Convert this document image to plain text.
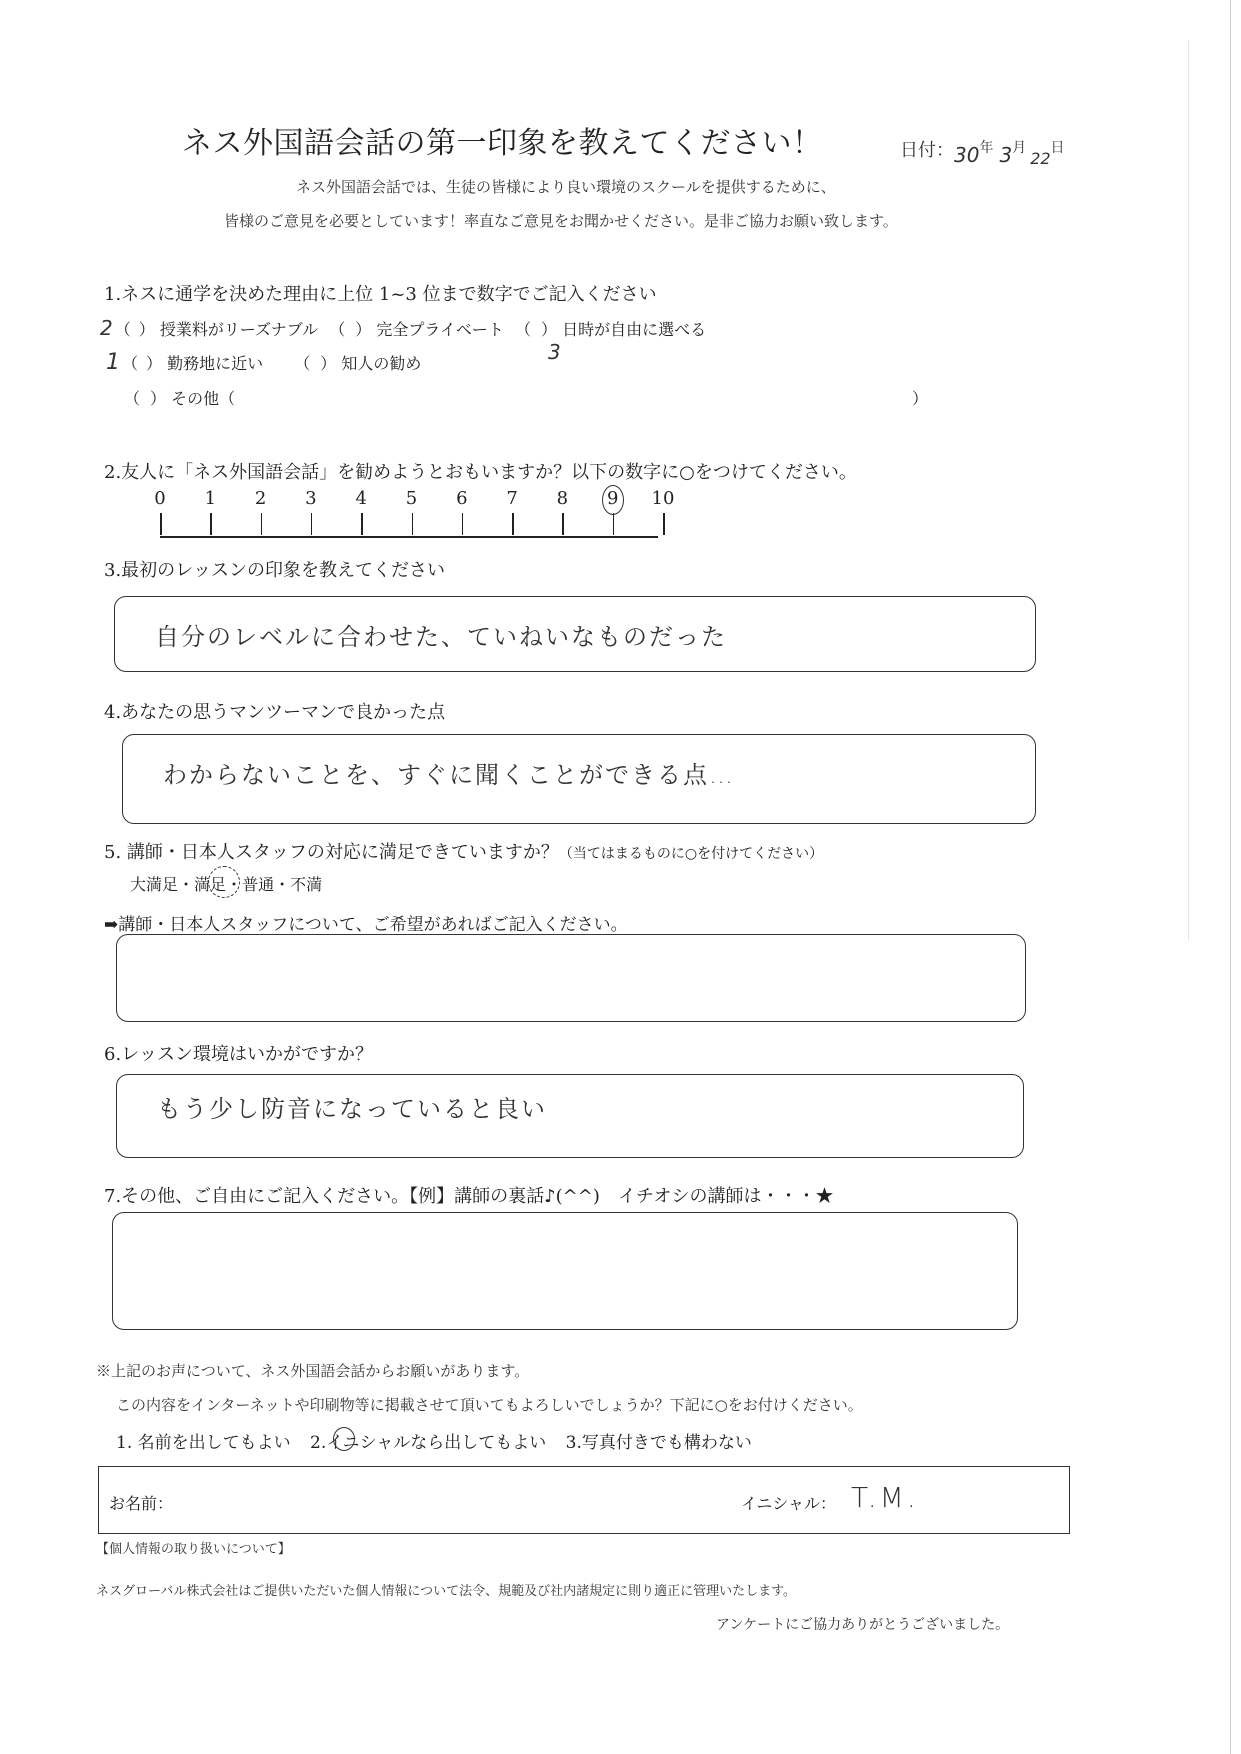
ネス外国語会話の第一印象を教えてください！	日付：$30^年$ $3^月22^日$
ネス外国語会話では、生徒の皆様により良い環境のスクールを提供するために、
皆様のご意見を必要としています！率直なご意見をお聞かせください。是非ご協力お願い致します。
1.ネスに通学を決めた理由に上位 1~3 位まで数字でご記入ください
2 （ ） 授業料がリーズナブル （ ） 完全プライベート （ ） 日時が自由に選べる
3
1 （ ） 勤務地に近い （ ） 知人の勧め
（ ） その他（	）
2.友人に「ネス外国語会話」を勧めようとおもいますか？以下の数字に○をつけてください。
0 1 2 3 4 5 6 7 8 9 10
3.最初のレッスンの印象を教えてください
自分のレベルに合わせた、ていねいなものだった
4.あなたの思うマンツーマンで良かった点
わからないことを、すぐに聞くことができる点…
5. 講師・日本人スタッフの対応に満足できていますか？（当てはまるものに○を付けてください）
大満足・満足・普通・不満
➡講師・日本人スタッフについて、ご希望があればご記入ください。
6.レッスン環境はいかがですか？
もう少し防音になっていると良い
7.その他、ご自由にご記入ください。【例】講師の裏話♪(^^)　イチオシの講師は・・・★
※上記のお声について、ネス外国語会話からお願いがあります。
この内容をインターネットや印刷物等に掲載させて頂いてもよろしいでしょうか？下記に○をお付けください。
1. 名前を出してもよい 2.イニシャルなら出してもよい 3.写真付きでも構わない
お名前：	イニシャル： T.M.
【個人情報の取り扱いについて】
ネスグローバル株式会社はご提供いただいた個人情報について法令、規範及び社内諸規定に則り適正に管理いたします。
アンケートにご協力ありがとうございました。
